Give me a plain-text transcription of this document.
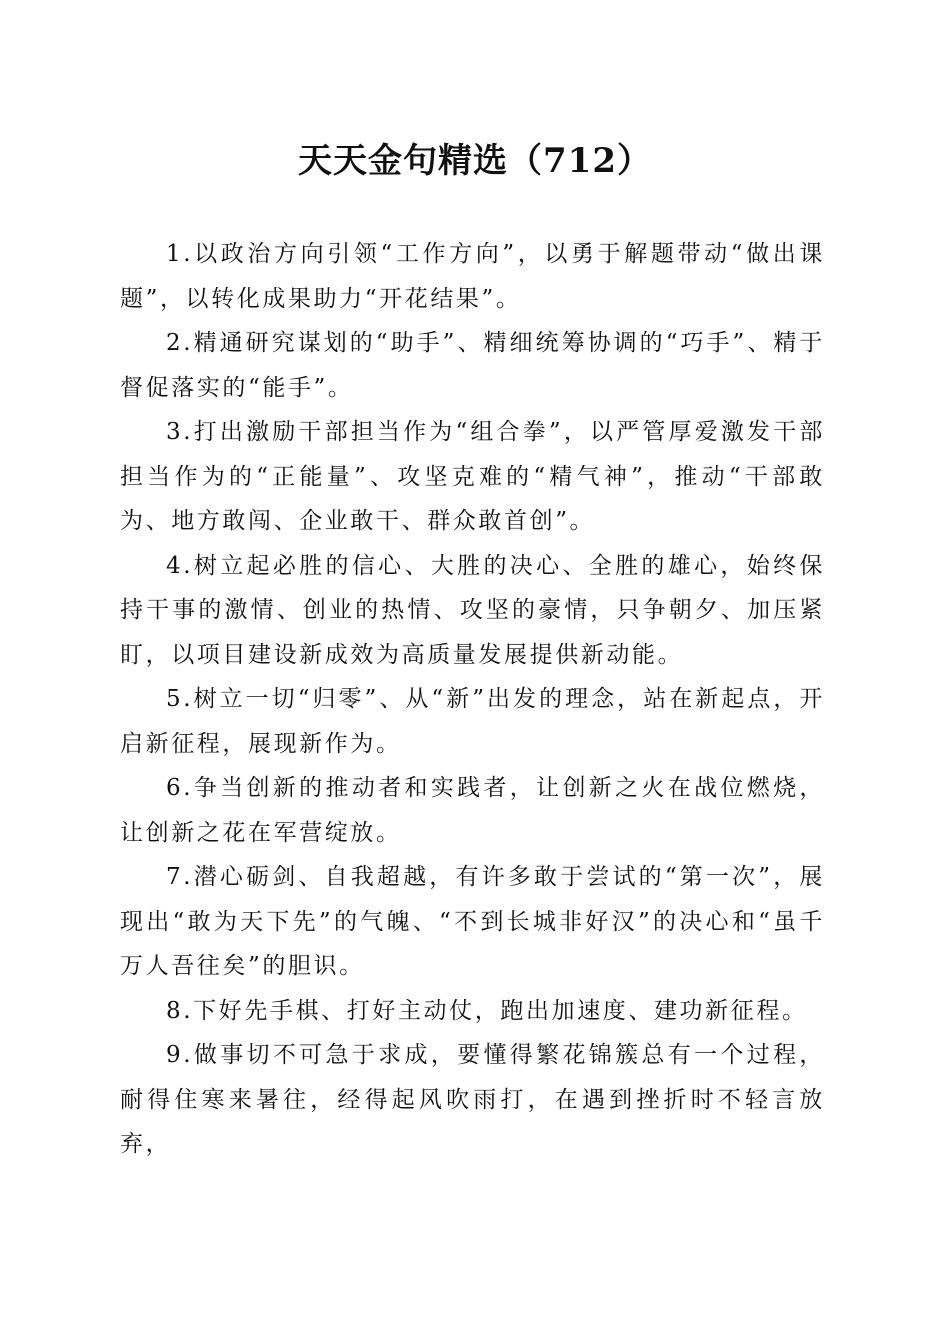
天天金句精选（712）

1.以政治方向引领“工作方向”，以勇于解题带动“做出课题”，以转化成果助力“开花结果”。

2.精通研究谋划的“助手”、精细统筹协调的“巧手”、精于督促落实的“能手”。

3.打出激励干部担当作为“组合拳”，以严管厚爱激发干部担当作为的“正能量”、攻坚克难的“精气神”，推动“干部敢为、地方敢闯、企业敢干、群众敢首创”。

4.树立起必胜的信心、大胜的决心、全胜的雄心，始终保持干事的激情、创业的热情、攻坚的豪情，只争朝夕、加压紧盯，以项目建设新成效为高质量发展提供新动能。

5.树立一切“归零”、从“新”出发的理念，站在新起点，开启新征程，展现新作为。

6.争当创新的推动者和实践者，让创新之火在战位燃烧，让创新之花在军营绽放。

7.潜心砺剑、自我超越，有许多敢于尝试的“第一次”，展现出“敢为天下先”的气魄、“不到长城非好汉”的决心和“虽千万人吾往矣”的胆识。

8.下好先手棋、打好主动仗，跑出加速度、建功新征程。

9.做事切不可急于求成，要懂得繁花锦簇总有一个过程，耐得住寒来暑往，经得起风吹雨打，在遇到挫折时不轻言放弃，
